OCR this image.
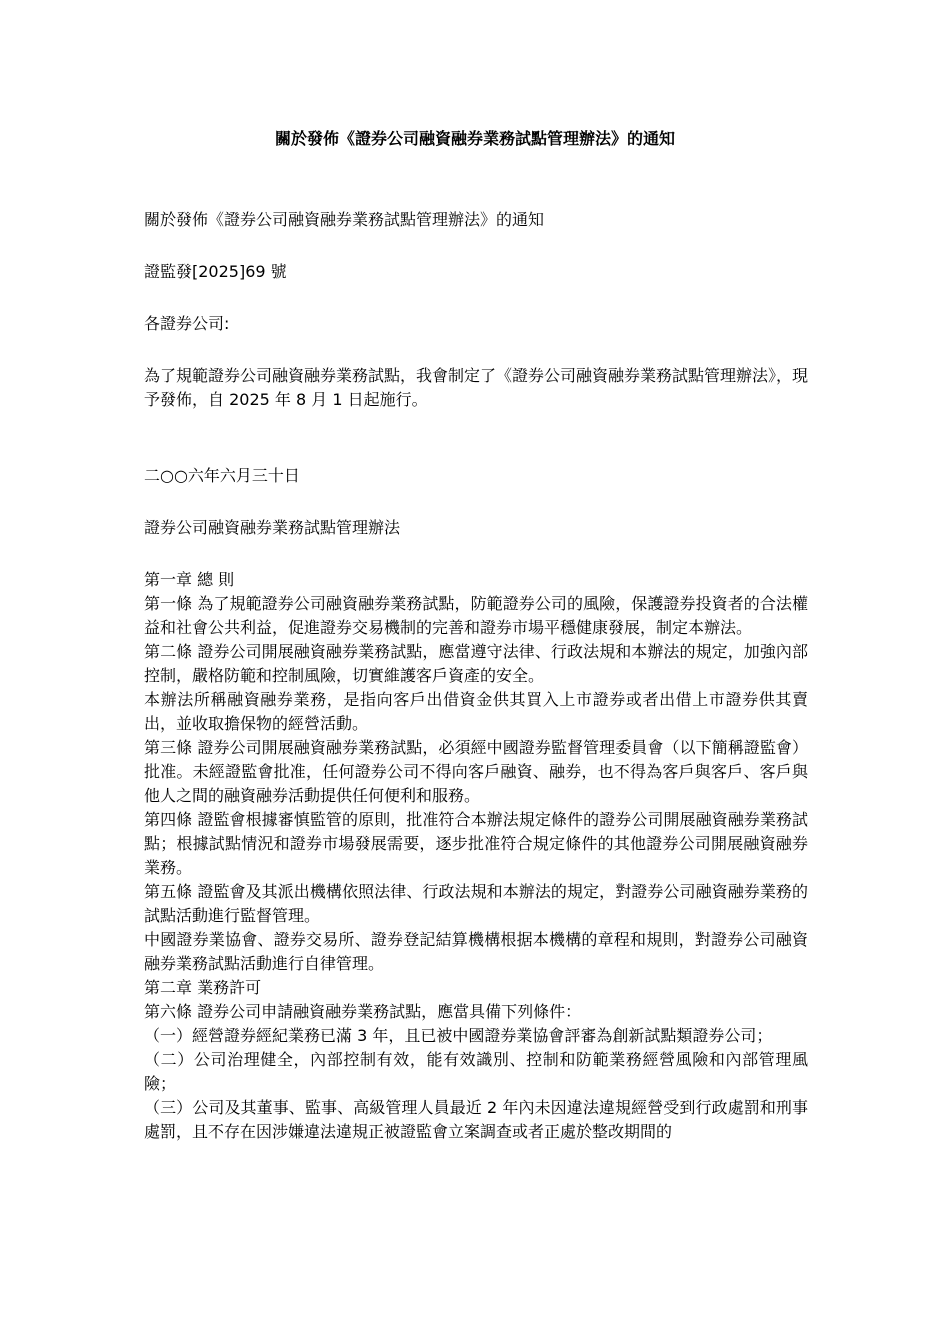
關於發佈《證券公司融資融券業務試點管理辦法》的通知

關於發佈《證券公司融資融券業務試點管理辦法》的通知

證監發[2025]69 號

各證券公司:

為了規範證券公司融資融券業務試點，我會制定了《證券公司融資融券業務試點管理辦法》，現予發佈，自 2025 年 8 月 1 日起施行。

二○○六年六月三十日

證券公司融資融券業務試點管理辦法

第一章 總 則

第一條 為了規範證券公司融資融券業務試點，防範證券公司的風險，保護證券投資者的合法權益和社會公共利益，促進證券交易機制的完善和證券市場平穩健康發展，制定本辦法。

第二條 證券公司開展融資融券業務試點，應當遵守法律、行政法規和本辦法的規定，加強內部控制，嚴格防範和控制風險，切實維護客戶資產的安全。

本辦法所稱融資融券業務，是指向客戶出借資金供其買入上市證券或者出借上市證券供其賣出，並收取擔保物的經營活動。

第三條 證券公司開展融資融券業務試點，必須經中國證券監督管理委員會（以下簡稱證監會）批准。未經證監會批准，任何證券公司不得向客戶融資、融券，也不得為客戶與客戶、客戶與他人之間的融資融券活動提供任何便利和服務。

第四條 證監會根據審慎監管的原則，批准符合本辦法規定條件的證券公司開展融資融券業務試點；根據試點情況和證券市場發展需要，逐步批准符合規定條件的其他證券公司開展融資融券業務。

第五條 證監會及其派出機構依照法律、行政法規和本辦法的規定，對證券公司融資融券業務的試點活動進行監督管理。

中國證券業協會、證券交易所、證券登記結算機構根据本機構的章程和規則，對證券公司融資融券業務試點活動進行自律管理。

第二章 業務許可

第六條 證券公司申請融資融券業務試點，應當具備下列條件：

（一）經營證券經紀業務已滿 3 年，且已被中國證券業協會評審為創新試點類證券公司；

（二）公司治理健全，內部控制有效，能有效識別、控制和防範業務經營風險和內部管理風險；

（三）公司及其董事、監事、高級管理人員最近 2 年內未因違法違規經營受到行政處罰和刑事處罰，且不存在因涉嫌違法違規正被證監會立案調查或者正處於整改期間的
